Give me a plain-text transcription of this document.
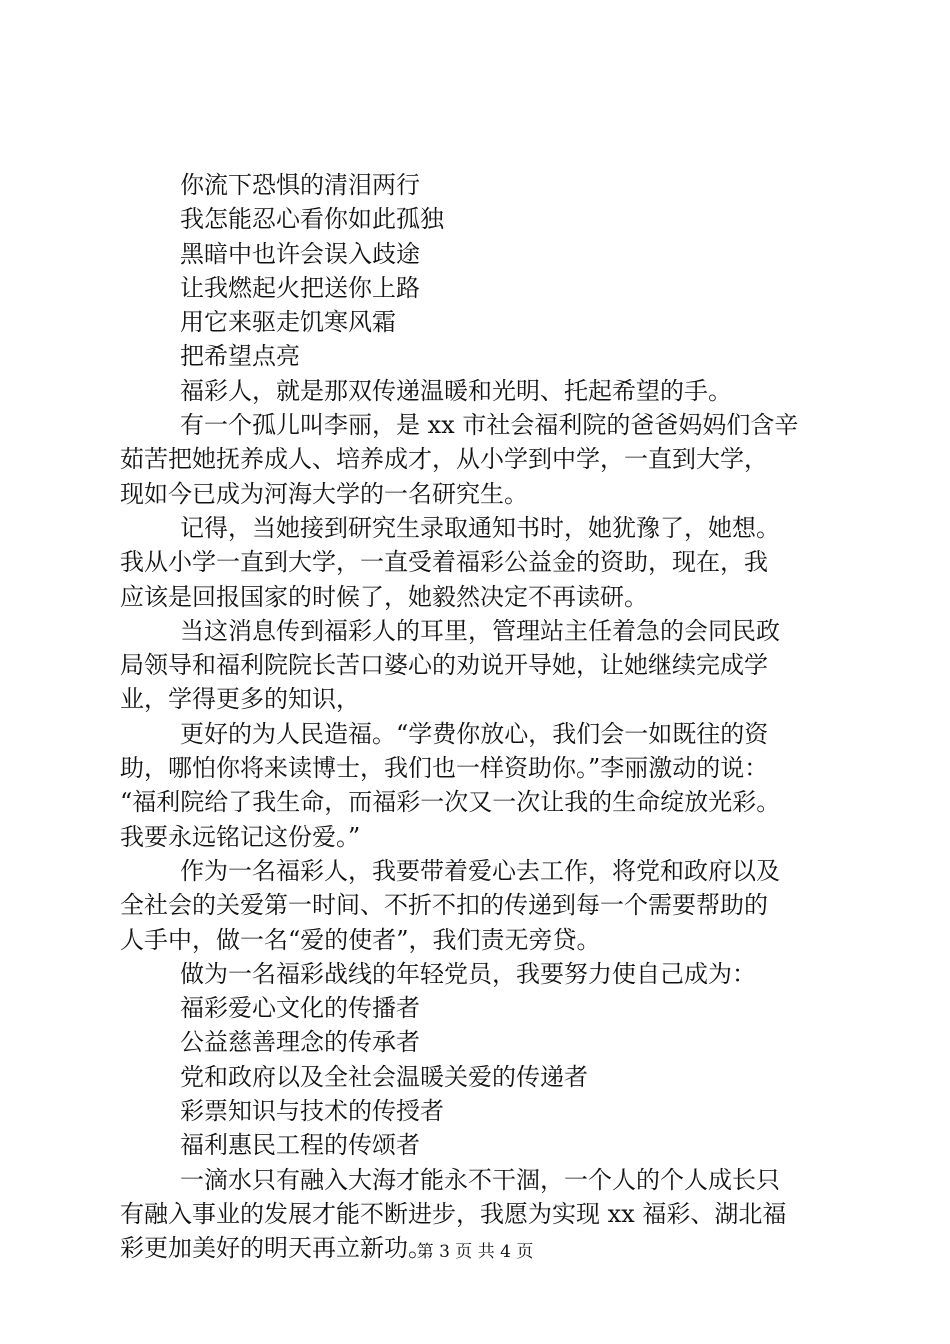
你流下恐惧的清泪两行
我怎能忍心看你如此孤独
黑暗中也许会误入歧途
让我燃起火把送你上路
用它来驱走饥寒风霜
把希望点亮
福彩人，就是那双传递温暖和光明、托起希望的手。
有一个孤儿叫李丽，是 xx 市社会福利院的爸爸妈妈们含辛
茹苦把她抚养成人、培养成才，从小学到中学，一直到大学，
现如今已成为河海大学的一名研究生。
记得，当她接到研究生录取通知书时，她犹豫了，她想。
我从小学一直到大学，一直受着福彩公益金的资助，现在，我
应该是回报国家的时候了，她毅然决定不再读研。
当这消息传到福彩人的耳里，管理站主任着急的会同民政
局领导和福利院院长苦口婆心的劝说开导她，让她继续完成学
业，学得更多的知识，
更好的为人民造福。“学费你放心，我们会一如既往的资
助，哪怕你将来读博士，我们也一样资助你。”李丽激动的说：
“福利院给了我生命，而福彩一次又一次让我的生命绽放光彩。
我要永远铭记这份爱。”
作为一名福彩人，我要带着爱心去工作，将党和政府以及
全社会的关爱第一时间、不折不扣的传递到每一个需要帮助的
人手中，做一名“爱的使者”，我们责无旁贷。
做为一名福彩战线的年轻党员，我要努力使自己成为：
福彩爱心文化的传播者
公益慈善理念的传承者
党和政府以及全社会温暖关爱的传递者
彩票知识与技术的传授者
福利惠民工程的传颂者
一滴水只有融入大海才能永不干涸，一个人的个人成长只
有融入事业的发展才能不断进步，我愿为实现 xx 福彩、湖北福
彩更加美好的明天再立新功。
第 3 页 共 4 页
